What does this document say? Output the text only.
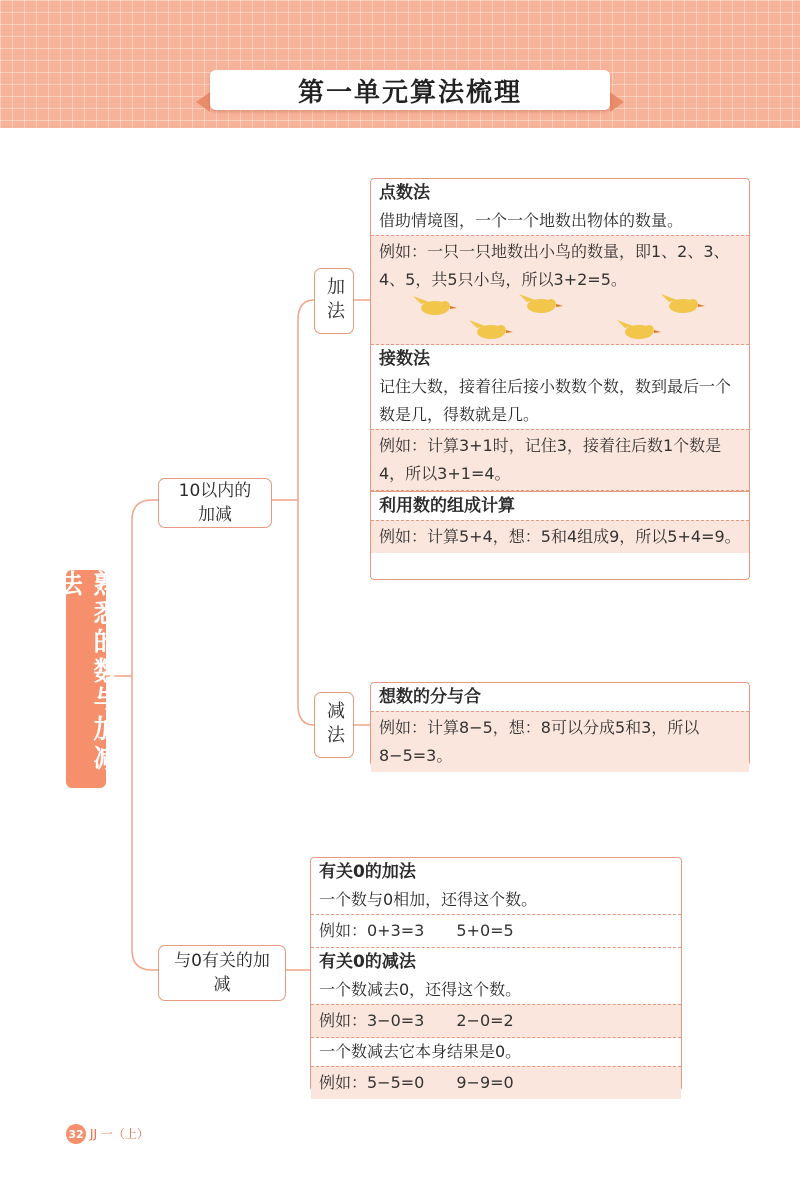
第一单元算法梳理
熟悉的数与加减法
10以内的加减
加法
减法
与0有关的加减
点数法
借助情境图，一个一个地数出物体的数量。
例如：一只一只地数出小鸟的数量，即1、2、3、4、5，共5只小鸟，所以3+2=5。
接数法
记住大数，接着往后接小数数个数，数到最后一个数是几，得数就是几。
例如：计算3+1时，记住3，接着往后数1个数是4，所以3+1=4。
利用数的组成计算
例如：计算5+4，想：5和4组成9，所以5+4=9。
想数的分与合
例如：计算8−5，想：8可以分成5和3，所以8−5=3。
有关0的加法
一个数与0相加，还得这个数。
例如：0+3=3　　5+0=5
有关0的减法
一个数减去0，还得这个数。
例如：3−0=3　　2−0=2
一个数减去它本身结果是0。
例如：5−5=0　　9−9=0
32 JJ 一（上）
